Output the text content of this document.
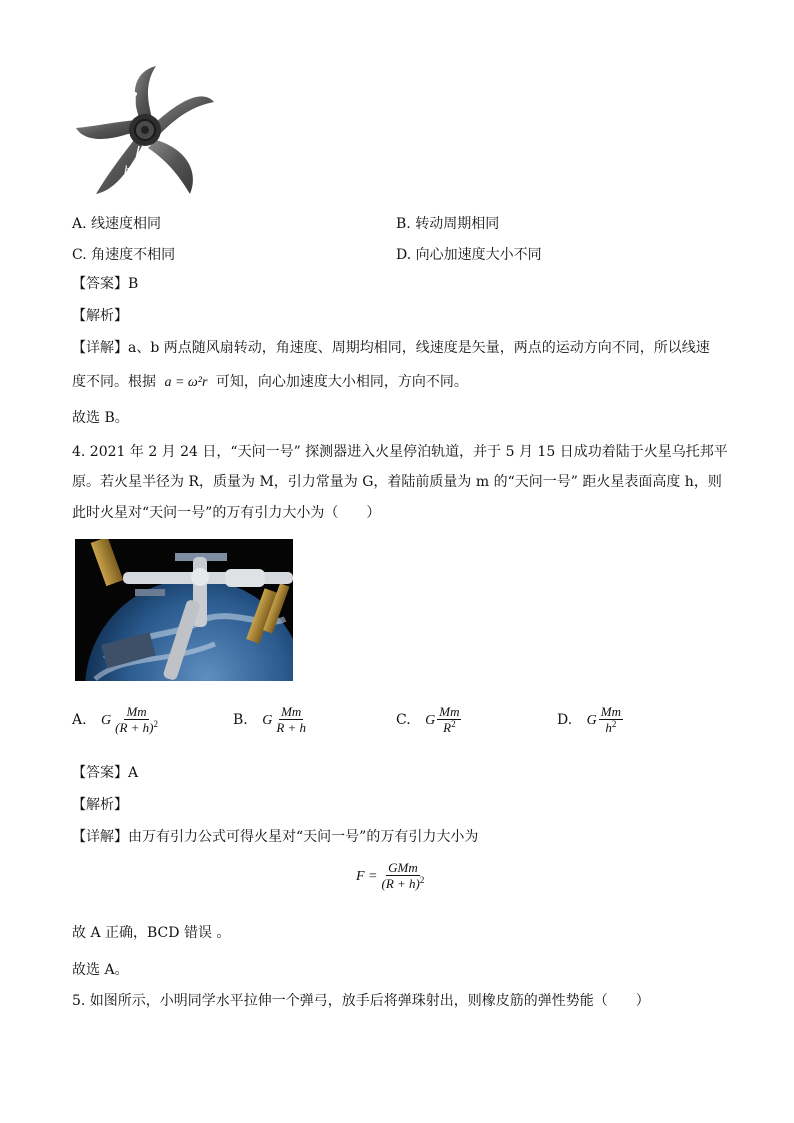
a
b
A. 线速度相同	B. 转动周期相同
C. 角速度不相同	D. 向心加速度大小不同
【答案】B
【解析】
【详解】a、b 两点随风扇转动，角速度、周期均相同，线速度是矢量，两点的运动方向不同，所以线速
度不同。根据 a = ω²r 可知，向心加速度大小相同，方向不同。
故选 B。
4. 2021 年 2 月 24 日，“天问一号” 探测器进入火星停泊轨道，并于 5 月 15 日成功着陆于火星乌托邦平
原。若火星半径为 R，质量为 M，引力常量为 G，着陆前质量为 m 的“天问一号” 距火星表面高度 h，则
此时火星对“天问一号”的万有引力大小为（　　）
A. G $\frac{Mm}{(R + h)^2}$	B. G $\frac{Mm}{R + h}$	C. G $\frac{Mm}{R^2}$	D. G $\frac{Mm}{h^2}$
【答案】A
【解析】
【详解】由万有引力公式可得火星对“天问一号”的万有引力大小为
$F = \frac{\text{GMm}}{(R + h)^2}$
故 A 正确，BCD 错误 。
故选 A。
5. 如图所示，小明同学水平拉伸一个弹弓，放手后将弹珠射出，则橡皮筋的弹性势能（　　）
